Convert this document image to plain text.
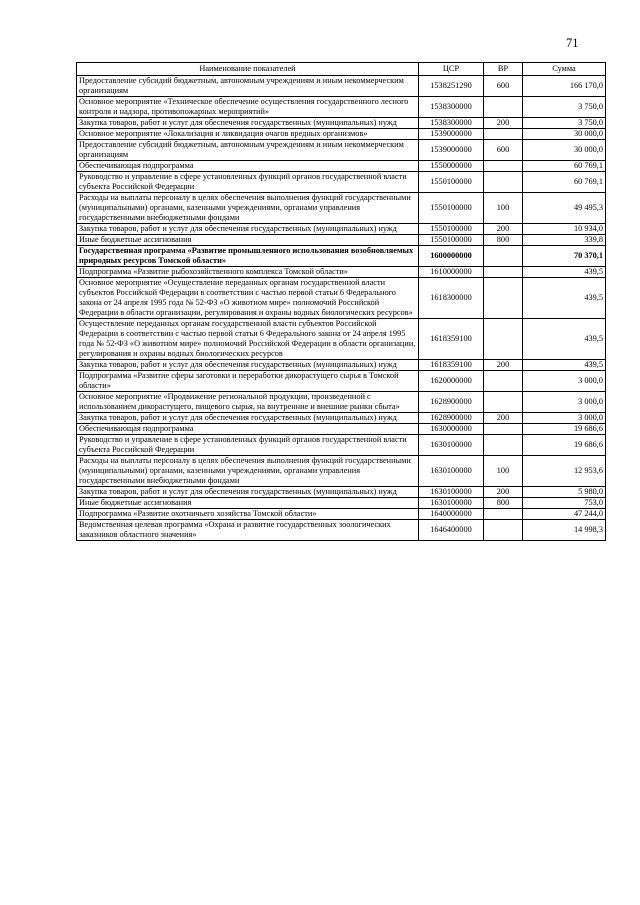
71
Наименование показателей	ЦСР	ВР	Сумма
Предоставление субсидий бюджетным, автономным учреждениям и иным некоммерческим организациям	1538251290	600	166 170,0
Основное мероприятие «Техническое обеспечение осуществления государственного лесного контроля и надзора, противопожарных мероприятий»	1538300000		3 750,0
Закупка товаров, работ и услуг для обеспечения государственных (муниципальных) нужд	1538300000	200	3 750,0
Основное мероприятие «Локализация и ликвидация очагов вредных организмов»	1539000000		30 000,0
Предоставление субсидий бюджетным, автономным учреждениям и иным некоммерческим организациям	1539000000	600	30 000,0
Обеспечивающая подпрограмма	1550000000		60 769,1
Руководство и управление в сфере установленных функций органов государственной власти субъекта Российской Федерации	1550100000		60 769,1
Расходы на выплаты персоналу в целях обеспечения выполнения функций государственными (муниципальными) органами, казенными учреждениями, органами управления государственными внебюджетными фондами	1550100000	100	49 495,3
Закупка товаров, работ и услуг для обеспечения государственных (муниципальных) нужд	1550100000	200	10 934,0
Иные бюджетные ассигнования	1550100000	800	339,8
Государственная программа «Развитие промышленного использования возобновляемых природных ресурсов Томской области»	1600000000		70 370,1
Подпрограмма «Развитие рыбохозяйственного комплекса Томской области»	1610000000		439,5
Основное мероприятие «Осуществление переданных органам государственной власти субъектов Российской Федерации в соответствии с частью первой статьи 6 Федерального закона от 24 апреля 1995 года № 52-ФЗ «О животном мире» полномочий Российской Федерации в области организации, регулирования и охраны водных биологических ресурсов»	1618300000		439,5
Осуществление переданных органам государственной власти субъектов Российской Федерации в соответствии с частью первой статьи 6 Федерального закона от 24 апреля 1995 года № 52-ФЗ «О животном мире» полномочий Российской Федерации в области организации, регулирования и охраны водных биологических ресурсов	1618359100		439,5
Закупка товаров, работ и услуг для обеспечения государственных (муниципальных) нужд	1618359100	200	439,5
Подпрограмма «Развитие сферы заготовки и переработки дикорастущего сырья в Томской области»	1620000000		3 000,0
Основное мероприятие «Продвижение региональной продукции, произведенной с использованием дикорастущего, пищевого сырья, на внутренние и внешние рынки сбыта»	1628900000		3 000,0
Закупка товаров, работ и услуг для обеспечения государственных (муниципальных) нужд	1628900000	200	3 000,0
Обеспечивающая подпрограмма	1630000000		19 686,6
Руководство и управление в сфере установленных функций органов государственной власти субъекта Российской Федерации	1630100000		19 686,6
Расходы на выплаты персоналу в целях обеспечения выполнения функций государственными (муниципальными) органами, казенными учреждениями, органами управления государственными внебюджетными фондами	1630100000	100	12 953,6
Закупка товаров, работ и услуг для обеспечения государственных (муниципальных) нужд	1630100000	200	5 980,0
Иные бюджетные ассигнования	1630100000	800	753,0
Подпрограмма «Развитие охотничьего хозяйства Томской области»	1640000000		47 244,0
Ведомственная целевая программа «Охрана и развитие государственных зоологических заказников областного значения»	1646400000		14 998,3
